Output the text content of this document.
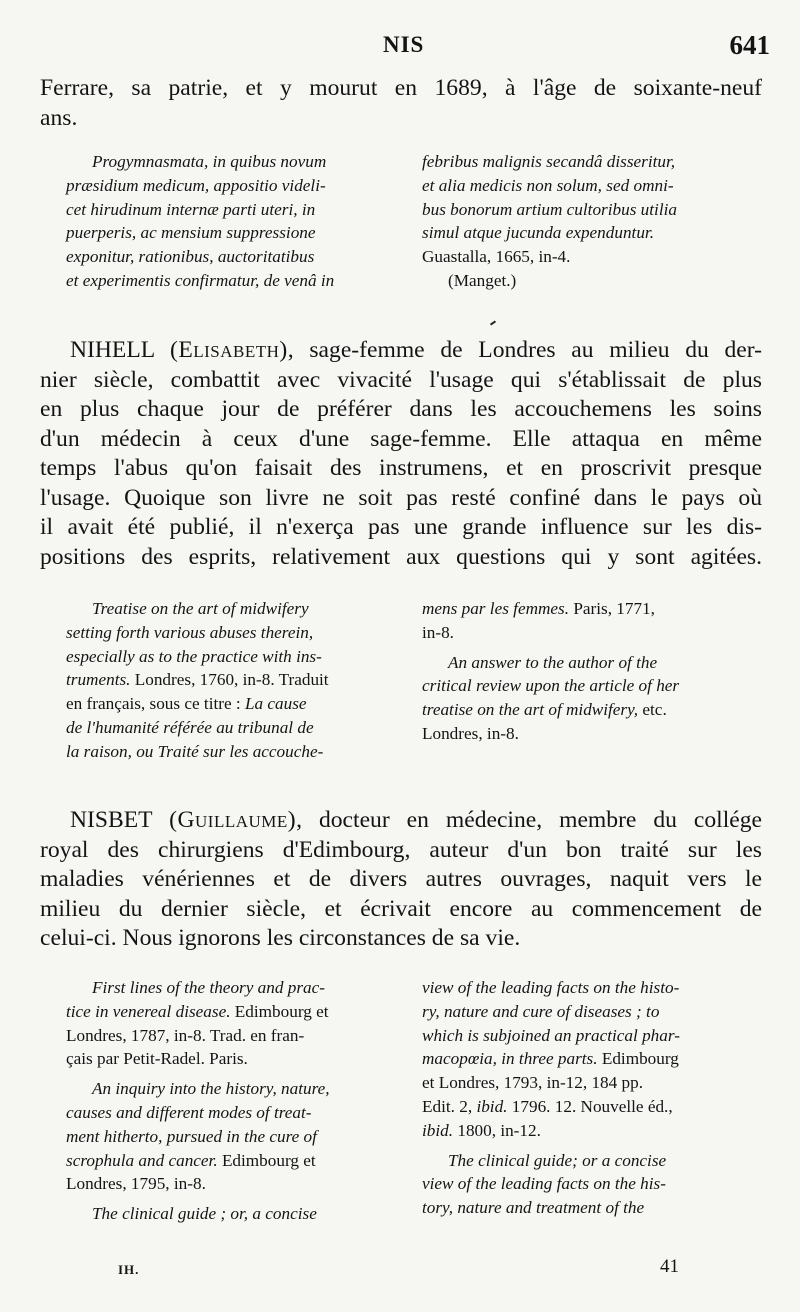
NIS	641
Ferrare, sa patrie, et y mourut en 1689, à l'âge de soixante-neuf
ans.
Progymnasmata, in quibus novum
præsidium medicum, appositio videli-
cet hirudinum internæ parti uteri, in
puerperis, ac mensium suppressione
exponitur, rationibus, auctoritatibus
et experimentis confirmatur, de venâ in
febribus malignis secandâ disseritur,
et alia medicis non solum, sed omni-
bus bonorum artium cultoribus utilia
simul atque jucunda expenduntur.
Guastalla, 1665, in-4.
(Manget.)
NIHELL (Elisabeth), sage-femme de Londres au milieu du der-
nier siècle, combattit avec vivacité l'usage qui s'établissait de plus
en plus chaque jour de préférer dans les accouchemens les soins
d'un médecin à ceux d'une sage-femme. Elle attaqua en même
temps l'abus qu'on faisait des instrumens, et en proscrivit presque
l'usage. Quoique son livre ne soit pas resté confiné dans le pays où
il avait été publié, il n'exerça pas une grande influence sur les dis-
positions des esprits, relativement aux questions qui y sont agitées.
Treatise on the art of midwifery
setting forth various abuses therein,
especially as to the practice with ins-
truments. Londres, 1760, in-8. Traduit
en français, sous ce titre : La cause
de l'humanité référée au tribunal de
la raison, ou Traité sur les accouche-
mens par les femmes. Paris, 1771,
in-8.
An answer to the author of the
critical review upon the article of her
treatise on the art of midwifery, etc.
Londres, in-8.
NISBET (Guillaume), docteur en médecine, membre du collége
royal des chirurgiens d'Edimbourg, auteur d'un bon traité sur les
maladies vénériennes et de divers autres ouvrages, naquit vers le
milieu du dernier siècle, et écrivait encore au commencement de
celui-ci. Nous ignorons les circonstances de sa vie.
First lines of the theory and prac-
tice in venereal disease. Edimbourg et
Londres, 1787, in-8. Trad. en fran-
çais par Petit-Radel. Paris.
An inquiry into the history, nature,
causes and different modes of treat-
ment hitherto, pursued in the cure of
scrophula and cancer. Edimbourg et
Londres, 1795, in-8.
The clinical guide ; or, a concise
view of the leading facts on the histo-
ry, nature and cure of diseases ; to
which is subjoined an practical phar-
macopœia, in three parts. Edimbourg
et Londres, 1793, in-12, 184 pp.
Edit. 2, ibid. 1796. 12. Nouvelle éd.,
ibid. 1800, in-12.
The clinical guide; or a concise
view of the leading facts on the his-
tory, nature and treatment of the
IH.	41
